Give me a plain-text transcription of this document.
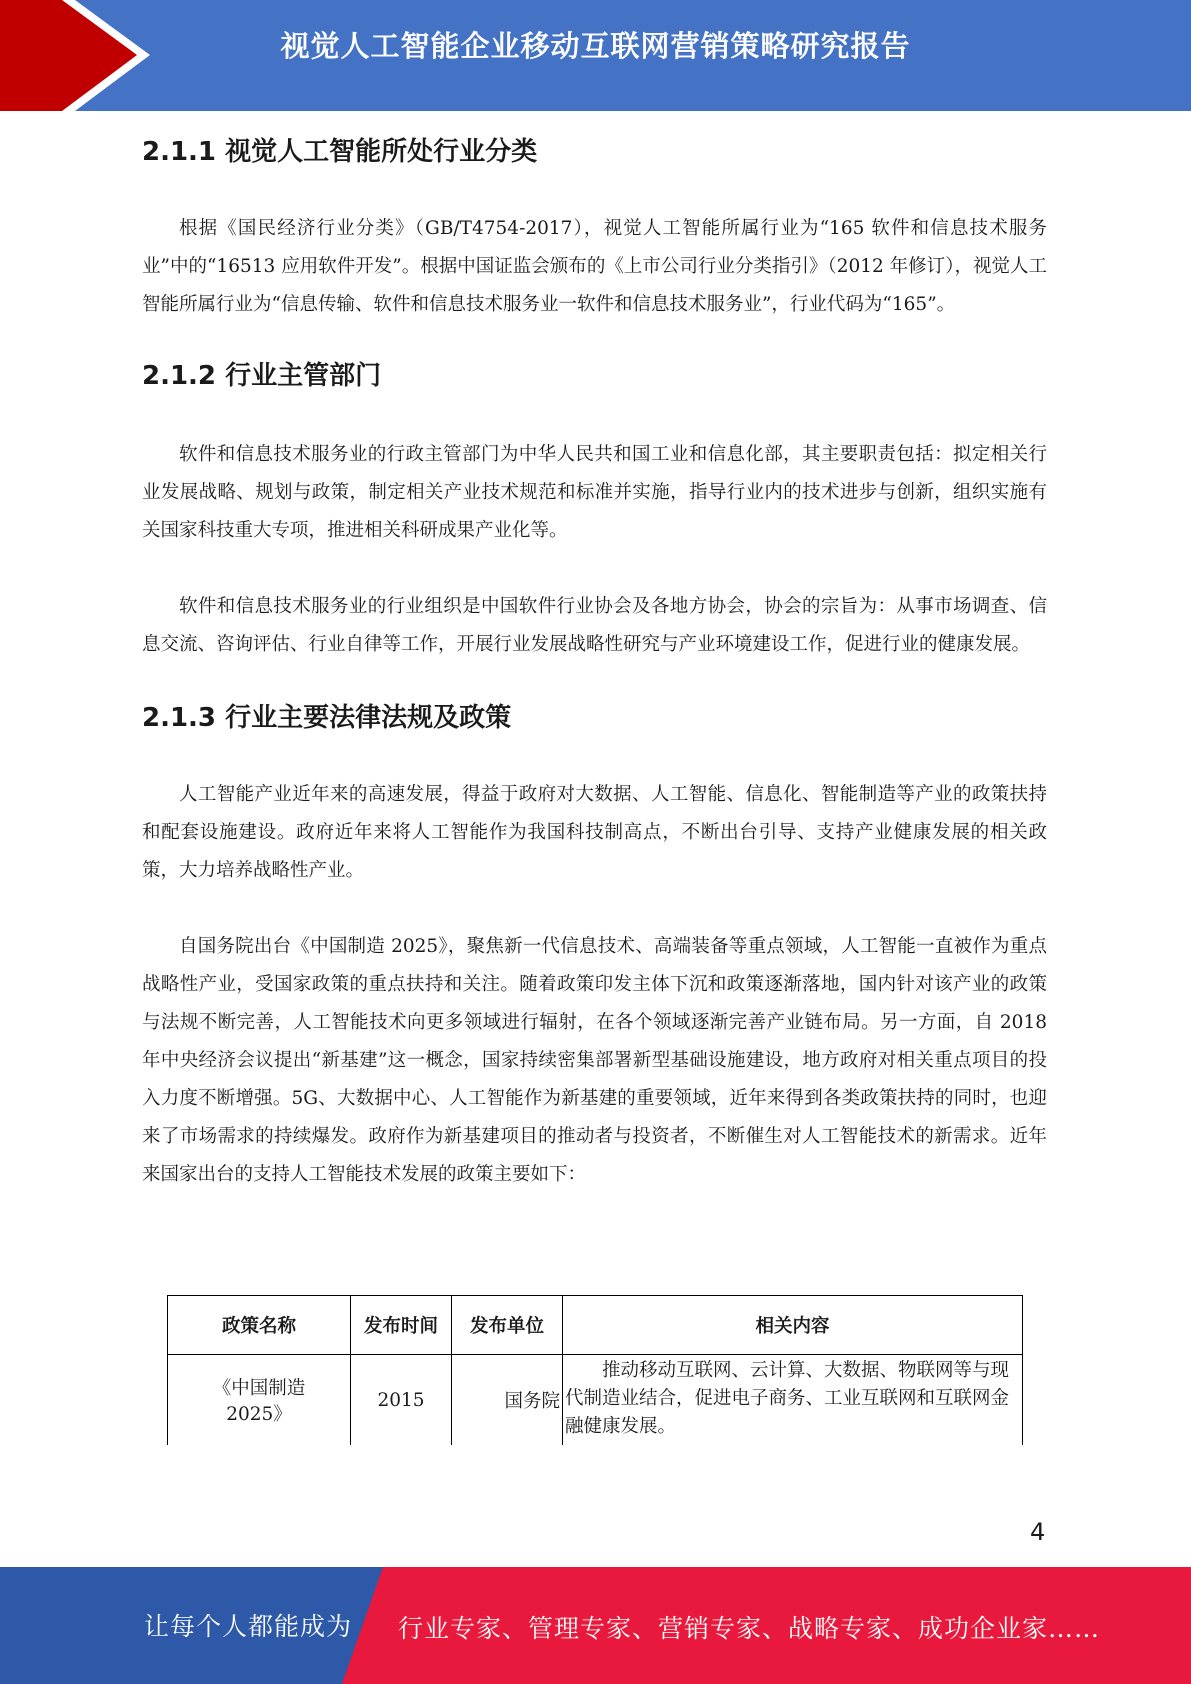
视觉人工智能企业移动互联网营销策略研究报告
2.1.1 视觉人工智能所处行业分类

根据《国民经济行业分类》（GB/T4754-2017），视觉人工智能所属行业为“165 软件和信息技术服务业”中的“16513 应用软件开发”。根据中国证监会颁布的《上市公司行业分类指引》（2012 年修订），视觉人工智能所属行业为“信息传输、软件和信息技术服务业一软件和信息技术服务业”，行业代码为“165”。

2.1.2 行业主管部门

软件和信息技术服务业的行政主管部门为中华人民共和国工业和信息化部，其主要职责包括：拟定相关行业发展战略、规划与政策，制定相关产业技术规范和标准并实施，指导行业内的技术进步与创新，组织实施有关国家科技重大专项，推进相关科研成果产业化等。

软件和信息技术服务业的行业组织是中国软件行业协会及各地方协会，协会的宗旨为：从事市场调查、信息交流、咨询评估、行业自律等工作，开展行业发展战略性研究与产业环境建设工作，促进行业的健康发展。

2.1.3 行业主要法律法规及政策

人工智能产业近年来的高速发展，得益于政府对大数据、人工智能、信息化、智能制造等产业的政策扶持和配套设施建设。政府近年来将人工智能作为我国科技制高点，不断出台引导、支持产业健康发展的相关政策，大力培养战略性产业。

自国务院出台《中国制造 2025》，聚焦新一代信息技术、高端装备等重点领域，人工智能一直被作为重点战略性产业，受国家政策的重点扶持和关注。随着政策印发主体下沉和政策逐渐落地，国内针对该产业的政策与法规不断完善，人工智能技术向更多领域进行辐射，在各个领域逐渐完善产业链布局。另一方面，自 2018 年中央经济会议提出“新基建”这一概念，国家持续密集部署新型基础设施建设，地方政府对相关重点项目的投入力度不断增强。5G、大数据中心、人工智能作为新基建的重要领域，近年来得到各类政策扶持的同时，也迎来了市场需求的持续爆发。政府作为新基建项目的推动者与投资者，不断催生对人工智能技术的新需求。近年来国家出台的支持人工智能技术发展的政策主要如下：

政策名称	发布时间	发布单位	相关内容
《中国制造 2025》	2015	国务院	推动移动互联网、云计算、大数据、物联网等与现代制造业结合，促进电子商务、工业互联网和互联网金融健康发展。
4
让每个人都能成为 行业专家、管理专家、营销专家、战略专家、成功企业家……
